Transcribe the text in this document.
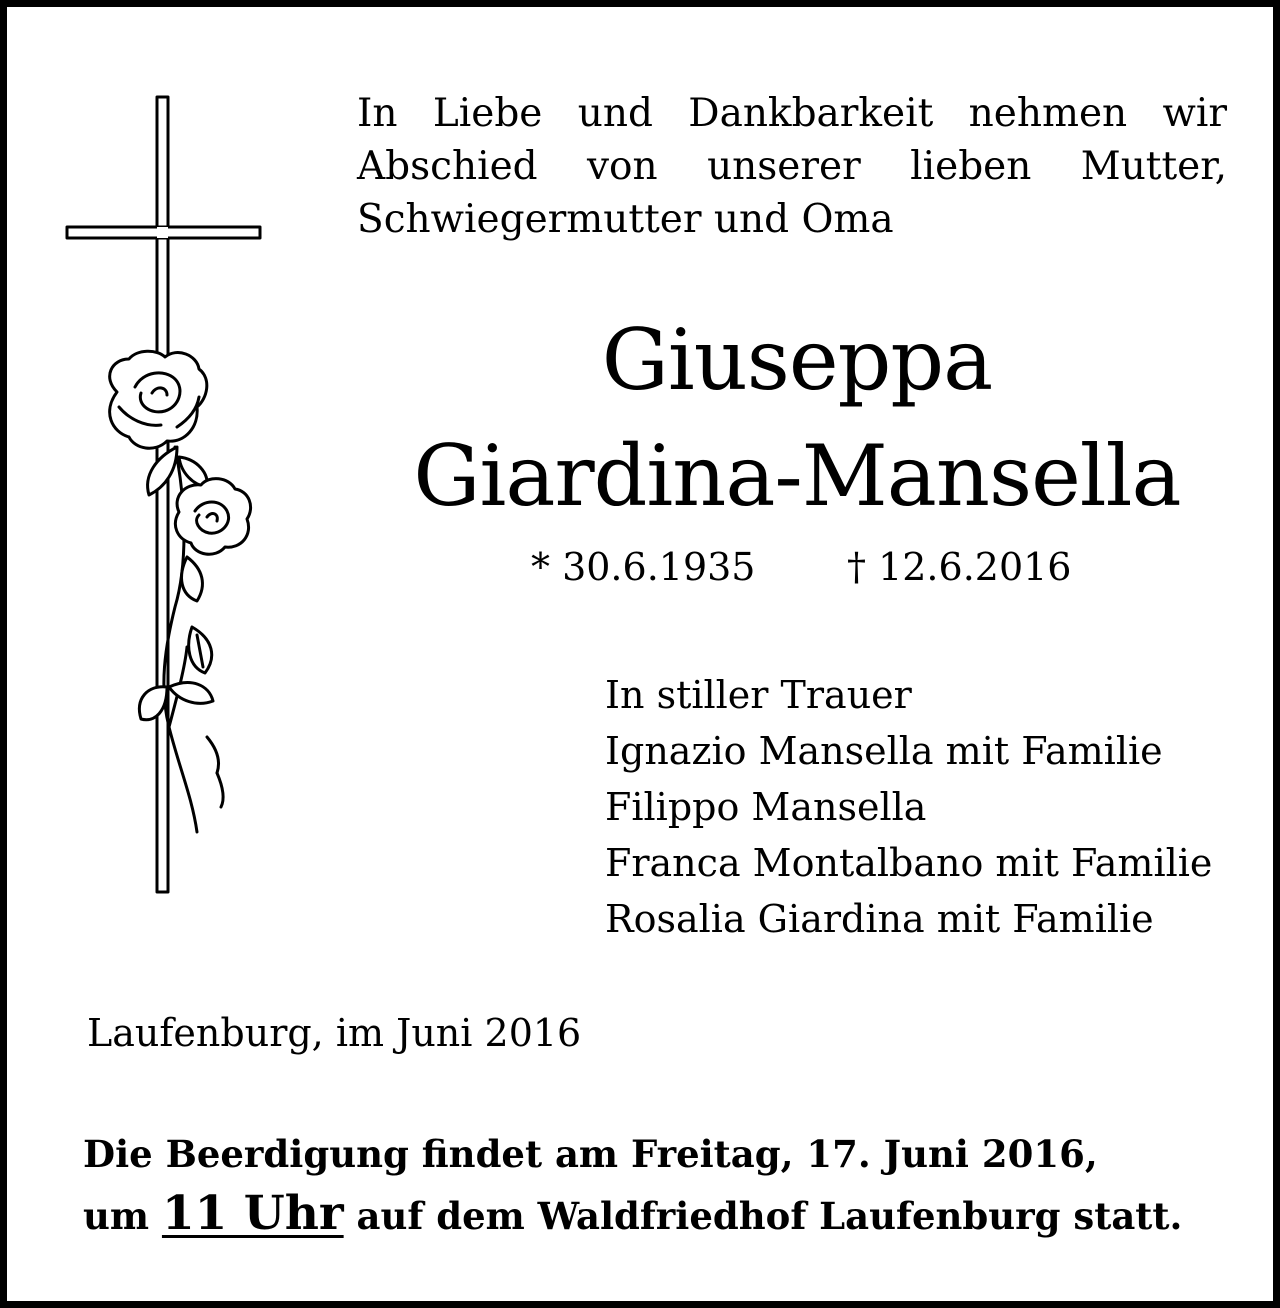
In Liebe und Dankbarkeit nehmen wir
Abschied von unserer lieben Mutter,
Schwiegermutter und Oma
Giuseppa
Giardina-Mansella
* 30.6.1935 † 12.6.2016
In stiller Trauer
Ignazio Mansella mit Familie
Filippo Mansella
Franca Montalbano mit Familie
Rosalia Giardina mit Familie
Laufenburg, im Juni 2016

Die Beerdigung findet am Freitag, 17. Juni 2016,
um 11 Uhr auf dem Waldfriedhof Laufenburg statt.
